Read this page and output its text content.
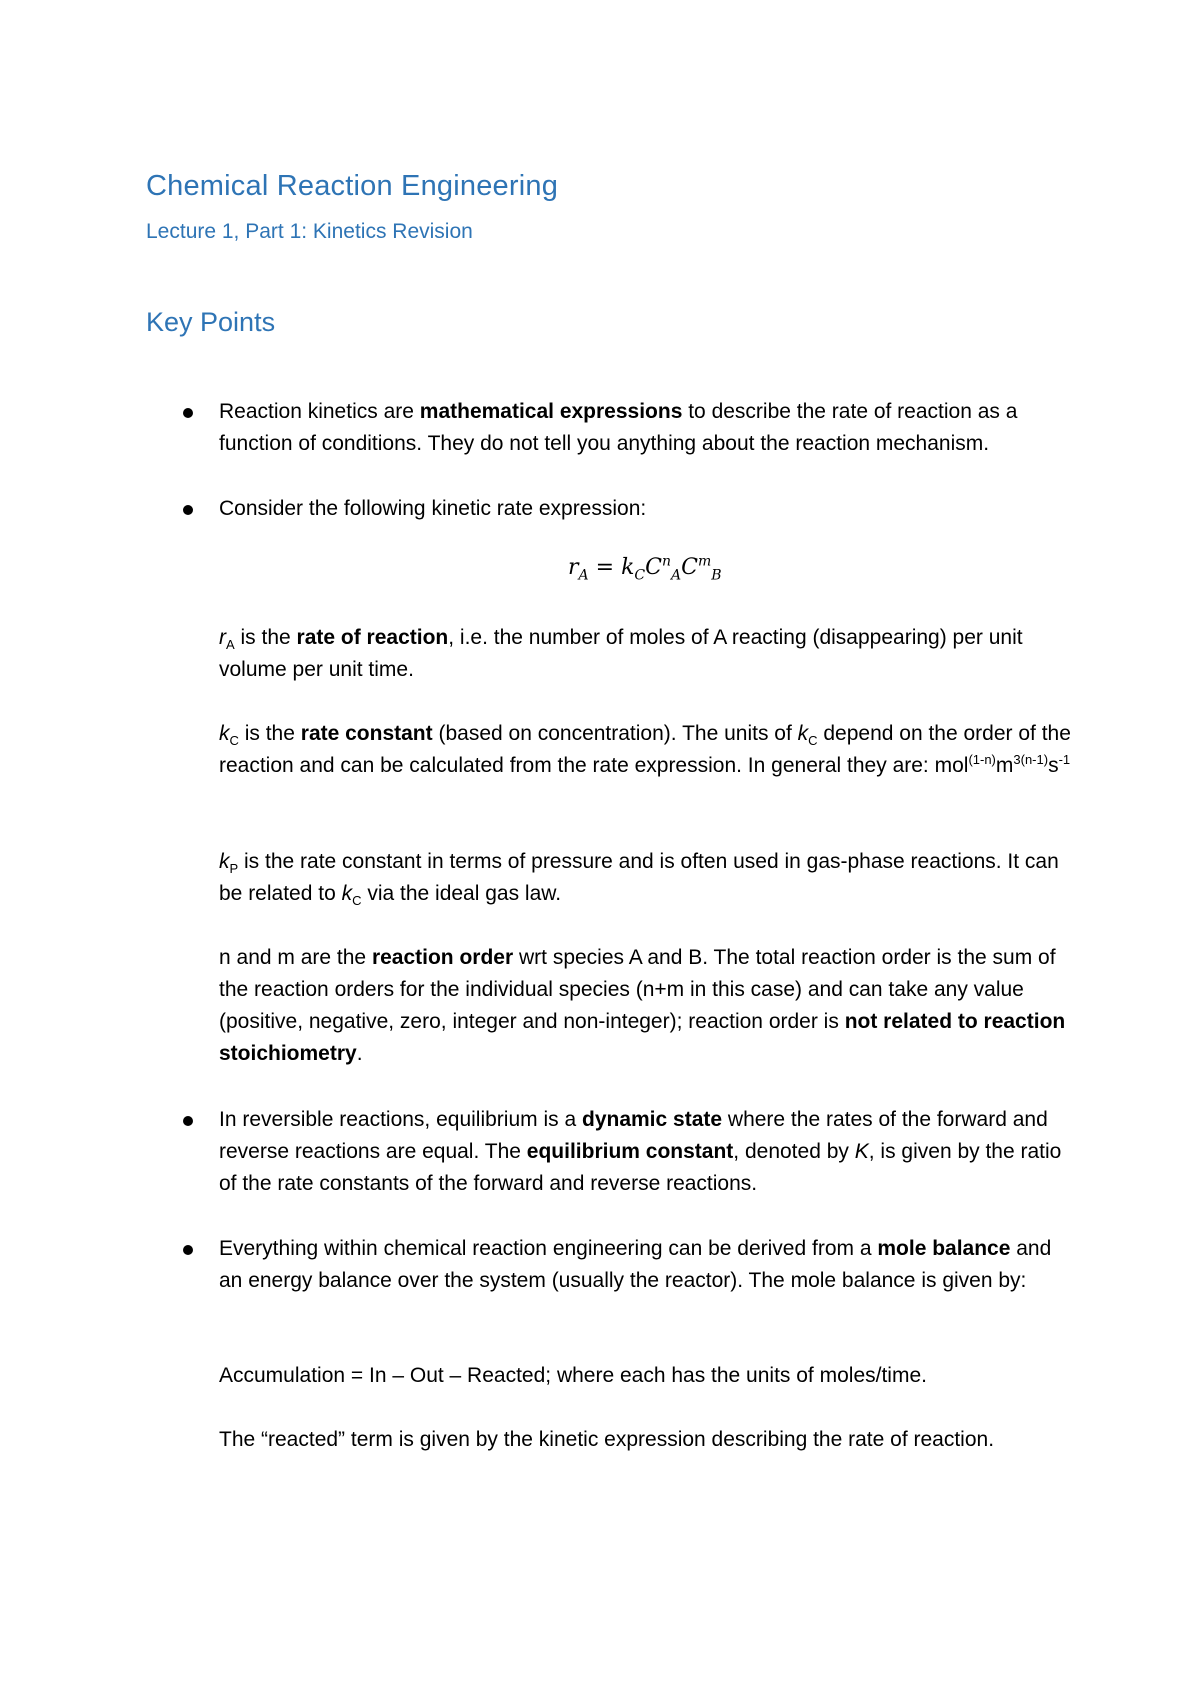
Chemical Reaction Engineering
Lecture 1, Part 1: Kinetics Revision
Key Points
Reaction kinetics are mathematical expressions to describe the rate of reaction as a function of conditions. They do not tell you anything about the reaction mechanism.
Consider the following kinetic rate expression:
$r_A = k_CC^n_AC^m_B$
$r_A$ is the rate of reaction, i.e. the number of moles of A reacting (disappearing) per unit volume per unit time.
$k_C$ is the rate constant (based on concentration). The units of $k_C$ depend on the order of the reaction and can be calculated from the rate expression. In general they are: $mol^{(1-n)}m^{3(n-1)}s^{-1}$
$k_P$ is the rate constant in terms of pressure and is often used in gas-phase reactions. It can be related to $k_C$ via the ideal gas law.
n and m are the reaction order wrt species A and B. The total reaction order is the sum of the reaction orders for the individual species (n+m in this case) and can take any value (positive, negative, zero, integer and non-integer); reaction order is not related to reaction stoichiometry.
In reversible reactions, equilibrium is a dynamic state where the rates of the forward and reverse reactions are equal. The equilibrium constant, denoted by K, is given by the ratio of the rate constants of the forward and reverse reactions.
Everything within chemical reaction engineering can be derived from a mole balance and an energy balance over the system (usually the reactor). The mole balance is given by:
Accumulation = In – Out – Reacted; where each has the units of moles/time.
The “reacted” term is given by the kinetic expression describing the rate of reaction.
